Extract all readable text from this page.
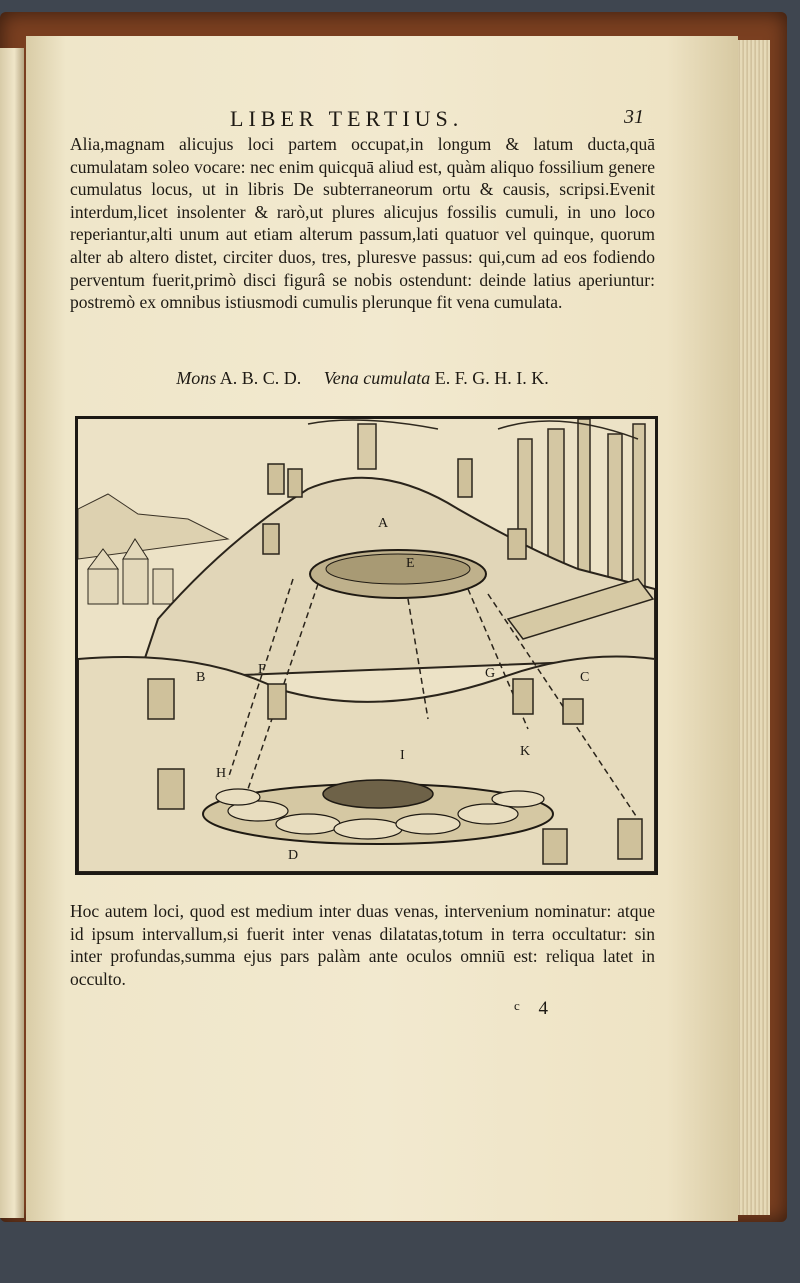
LIBER TERTIUS.	31
Alia,magnam alicujus loci partem occupat,in longum & latum ducta,quā cumulatam soleo vocare: nec enim quicquā aliud est, quàm aliquo fossilium genere cumulatus locus, ut in libris De subterraneorum ortu & causis, scripsi.Evenit interdum,licet insolenter & rarò,ut plures alicujus fossilis cumuli, in uno loco reperiantur,alti unum aut etiam alterum passum,lati quatuor vel quinque, quorum alter ab altero distet, circiter duos, tres, pluresve passus: qui,cum ad eos fodiendo perventum fuerit,primò disci figurâ se nobis ostendunt: deinde latius aperiuntur: postremò ex omnibus istiusmodi cumulis plerunque fit vena cumulata.
Mons A. B. C. D. Vena cumulata E. F. G. H. I. K.
A
E
B
F	G	C
I	K
H
D
Hoc autem loci, quod est medium inter duas venas, intervenium nominatur: atque id ipsum intervallum,si fuerit inter venas dilatatas,totum in terra occultatur: sin inter profundas,summa ejus pars palàm ante oculos omniū est: reliqua latet in occulto.
$^c$ 4
